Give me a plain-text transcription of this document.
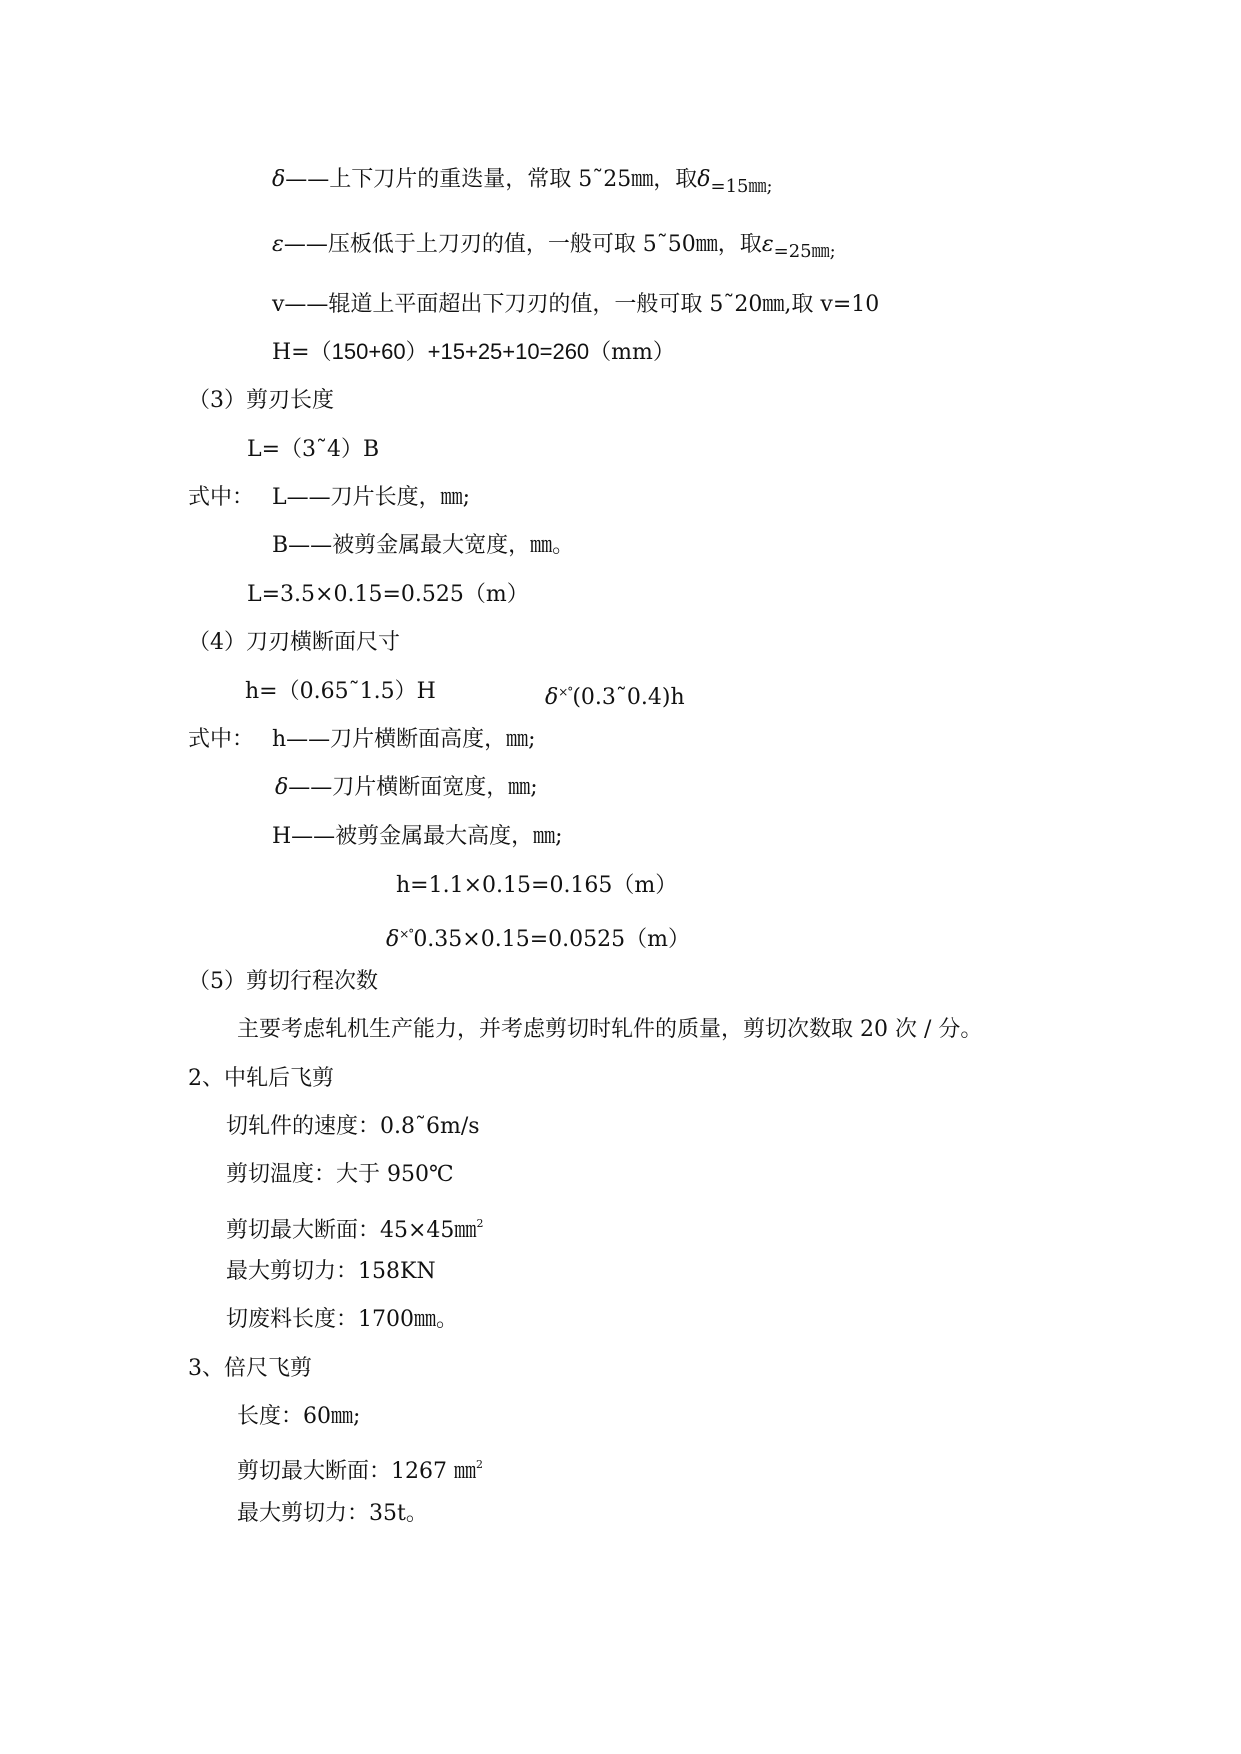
δ——上下刀片的重迭量，常取 5˜25㎜，取$\delta_{=15㎜;}$
ε——压板低于上刀刃的值，一般可取 5˜50㎜，取$\varepsilon_{=25㎜;}$
v——辊道上平面超出下刀刃的值，一般可取 5˜20㎜,取 v=10
H=（150+60）+15+25+10=260（mm）
（3）剪刃长度
L=（3˜4）B
式中： L——刀片长度，㎜;
B——被剪金属最大宽度，㎜。
L=3.5×0.15=0.525（m）
（4）刀刃横断面尺寸
h=（0.65˜1.5）H	δ×°(0.3˜0.4)h
式中： h——刀片横断面高度，㎜;
δ——刀片横断面宽度，㎜;
H——被剪金属最大高度，㎜;
h=1.1×0.15=0.165（m）
δ×°0.35×0.15=0.0525（m）
（5）剪切行程次数
主要考虑轧机生产能力，并考虑剪切时轧件的质量，剪切次数取 20 次 / 分。
2、中轧后飞剪
切轧件的速度：0.8˜6m/s
剪切温度：大于 950℃
剪切最大断面：45×45㎜$^2$
最大剪切力：158KN
切废料长度：1700㎜。
3、倍尺飞剪
长度：60㎜;
剪切最大断面：1267 ㎜$^2$
最大剪切力：35t。
